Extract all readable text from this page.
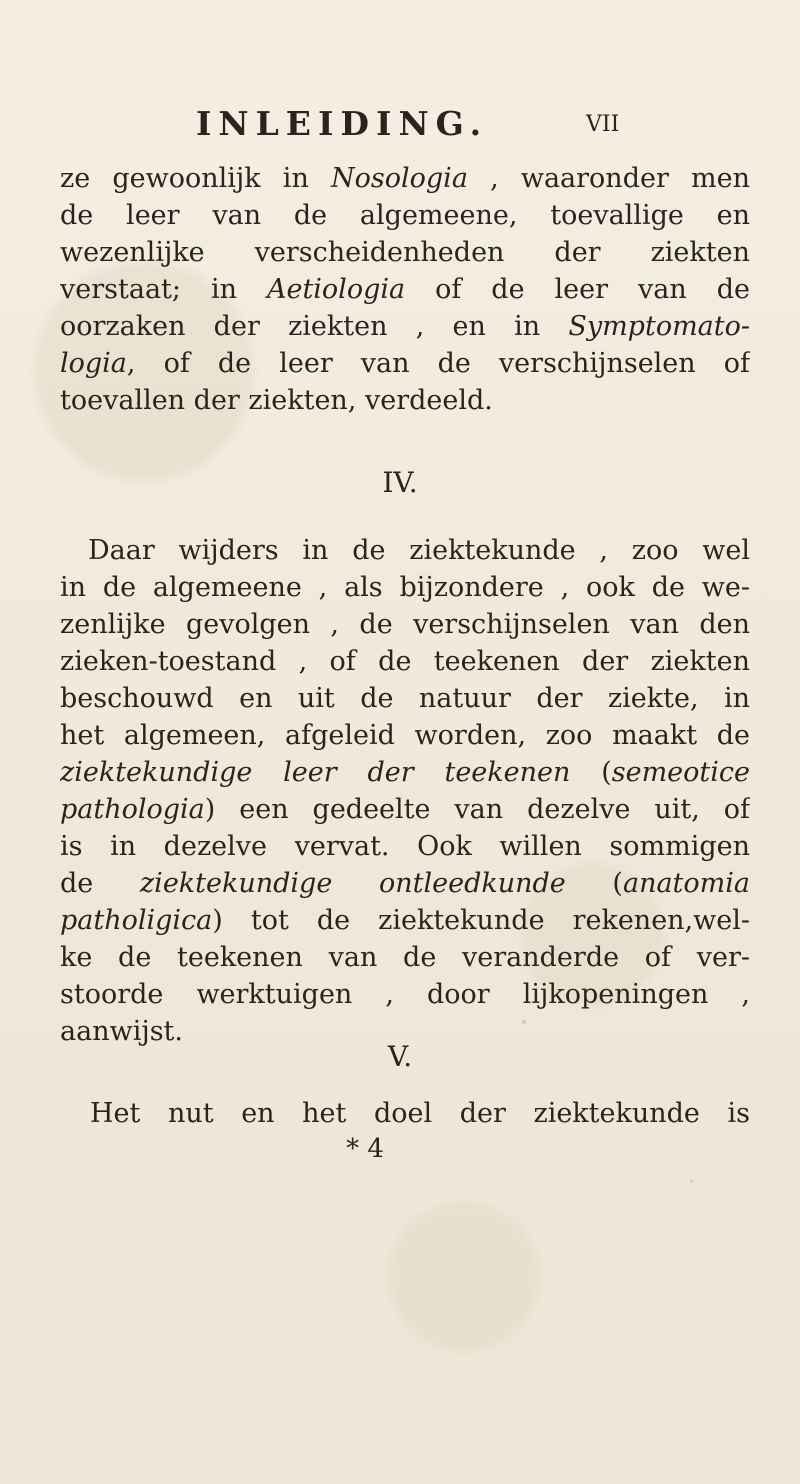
INLEIDING.	VII
ze gewoonlijk in Nosologia , waaronder men
de leer van de algemeene, toevallige en
wezenlijke verscheidenheden der ziekten
verstaat; in Aetiologia of de leer van de
oorzaken der ziekten , en in Symptomato-
logia, of de leer van de verschijnselen of
toevallen der ziekten, verdeeld.
IV.
Daar wijders in de ziektekunde , zoo wel
in de algemeene , als bijzondere , ook de we-
zenlijke gevolgen , de verschijnselen van den
zieken-toestand , of de teekenen der ziekten
beschouwd en uit de natuur der ziekte, in
het algemeen, afgeleid worden, zoo maakt de
ziektekundige leer der teekenen (semeotice
pathologia) een gedeelte van dezelve uit, of
is in dezelve vervat. Ook willen sommigen
de ziektekundige ontleedkunde (anatomia
patholigica) tot de ziektekunde rekenen,wel-
ke de teekenen van de veranderde of ver-
stoorde werktuigen , door lijkopeningen ,
aanwijst.
V.
Het nut en het doel der ziektekunde is
* 4
